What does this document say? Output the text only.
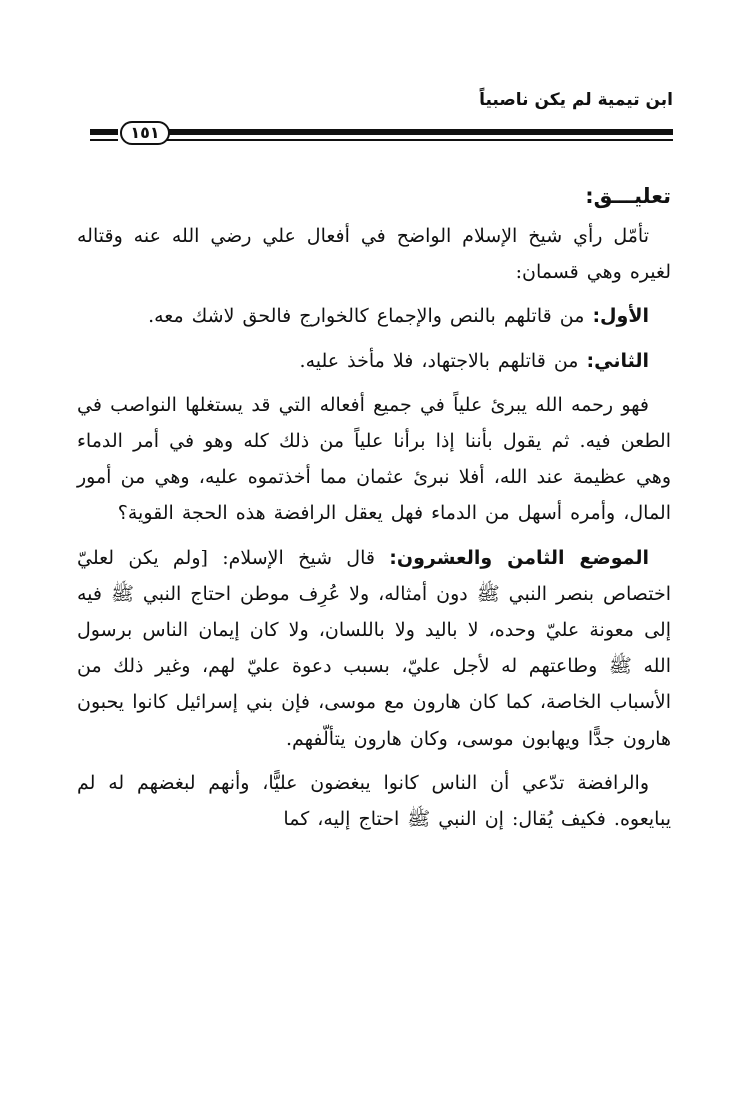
ابن تيمية لم يكن ناصبياً
١٥١
تعليـــق:

تأمّل رأي شيخ الإسلام الواضح في أفعال علي رضي الله عنه وقتاله لغيره وهي قسمان:

الأول: من قاتلهم بالنص والإجماع كالخوارج فالحق لاشك معه.

الثاني: من قاتلهم بالاجتهاد، فلا مأخذ عليه.

فهو رحمه الله يبرئ علياً في جميع أفعاله التي قد يستغلها النواصب في الطعن فيه. ثم يقول بأننا إذا برأنا علياً من ذلك كله وهو في أمر الدماء وهي عظيمة عند الله، أفلا نبرئ عثمان مما أخذتموه عليه، وهي من أمور المال، وأمره أسهل من الدماء فهل يعقل الرافضة هذه الحجة القوية؟

الموضع الثامن والعشرون: قال شيخ الإسلام: [ولم يكن لعليّ اختصاص بنصر النبي ﷺ دون أمثاله، ولا عُرِف موطن احتاج النبي ﷺ فيه إلى معونة عليّ وحده، لا باليد ولا باللسان، ولا كان إيمان الناس برسول الله ﷺ وطاعتهم له لأجل عليّ، بسبب دعوة عليّ لهم، وغير ذلك من الأسباب الخاصة، كما كان هارون مع موسى، فإن بني إسرائيل كانوا يحبون هارون جدًّا ويهابون موسى، وكان هارون يتألّفهم.

والرافضة تدّعي أن الناس كانوا يبغضون عليًّا، وأنهم لبغضهم له لم يبايعوه. فكيف يُقال: إن النبي ﷺ احتاج إليه، كما
